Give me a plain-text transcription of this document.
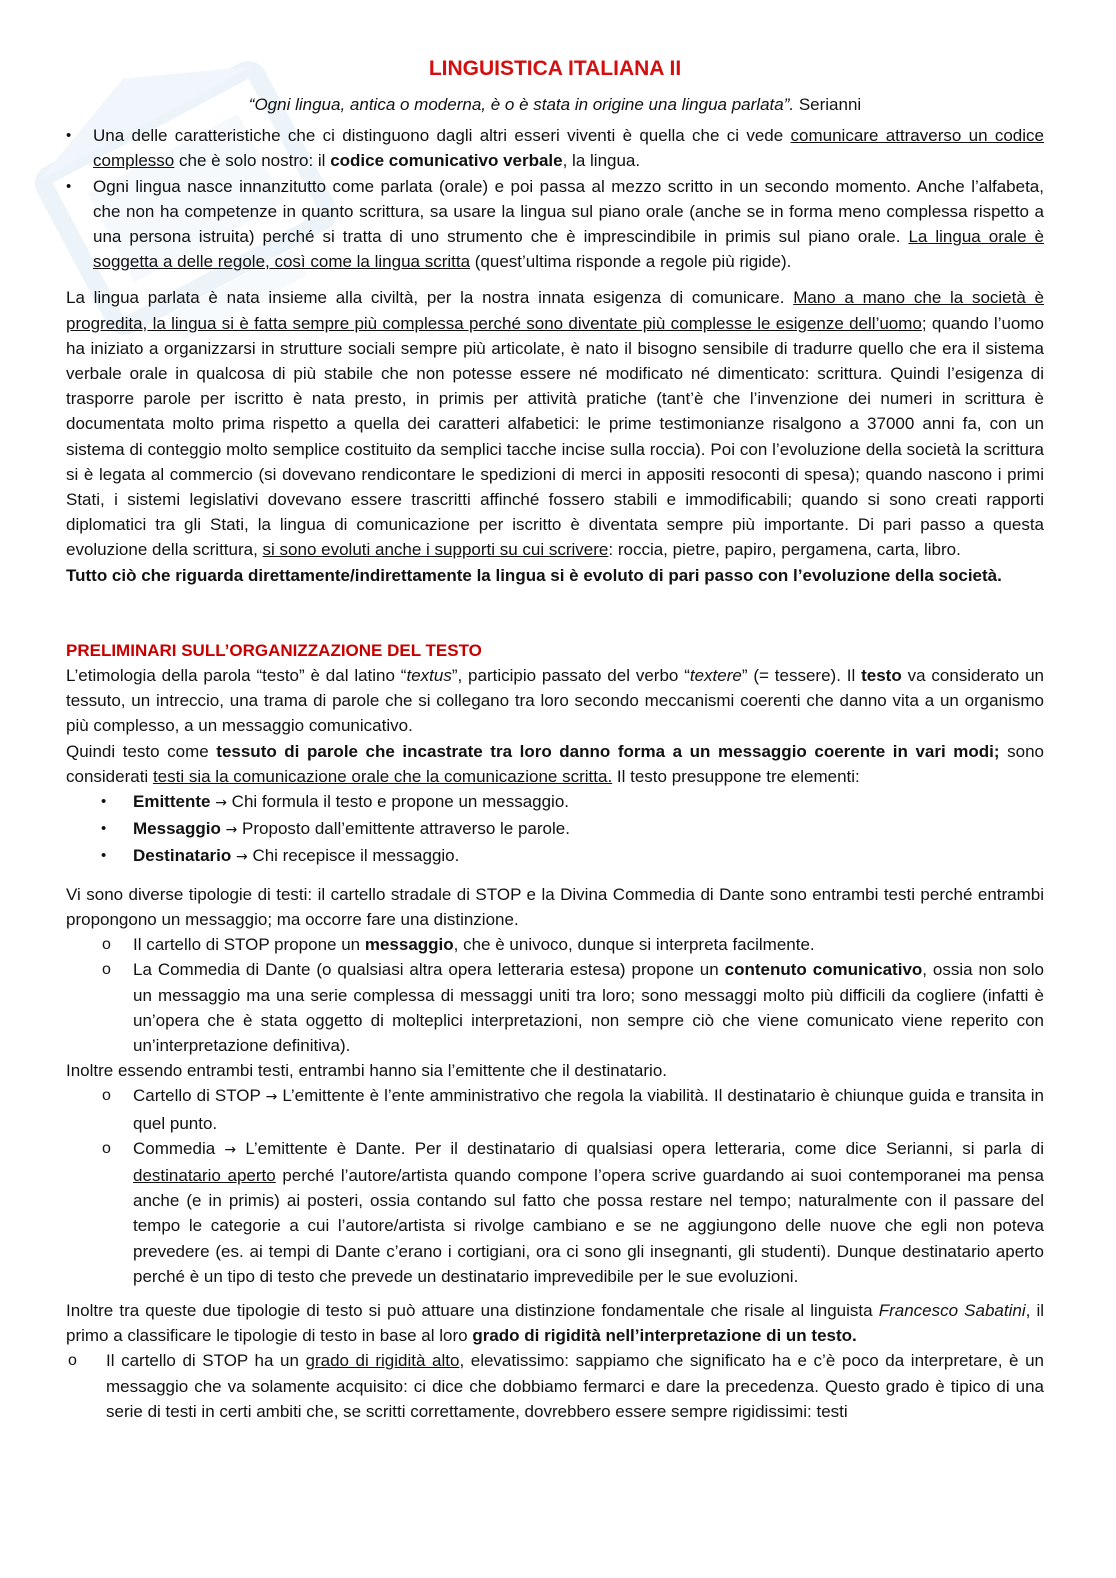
LINGUISTICA ITALIANA II
“Ogni lingua, antica o moderna, è o è stata in origine una lingua parlata”. Serianni
• Una delle caratteristiche che ci distinguono dagli altri esseri viventi è quella che ci vede comunicare attraverso un codice complesso che è solo nostro: il codice comunicativo verbale, la lingua.
• Ogni lingua nasce innanzitutto come parlata (orale) e poi passa al mezzo scritto in un secondo momento. Anche l’alfabeta, che non ha competenze in quanto scrittura, sa usare la lingua sul piano orale (anche se in forma meno complessa rispetto a una persona istruita) perché si tratta di uno strumento che è imprescindibile in primis sul piano orale. La lingua orale è soggetta a delle regole, così come la lingua scritta (quest’ultima risponde a regole più rigide).

La lingua parlata è nata insieme alla civiltà, per la nostra innata esigenza di comunicare. Mano a mano che la società è progredita, la lingua si è fatta sempre più complessa perché sono diventate più complesse le esigenze dell’uomo; quando l’uomo ha iniziato a organizzarsi in strutture sociali sempre più articolate, è nato il bisogno sensibile di tradurre quello che era il sistema verbale orale in qualcosa di più stabile che non potesse essere né modificato né dimenticato: scrittura. Quindi l’esigenza di trasporre parole per iscritto è nata presto, in primis per attività pratiche (tant’è che l’invenzione dei numeri in scrittura è documentata molto prima rispetto a quella dei caratteri alfabetici: le prime testimonianze risalgono a 37000 anni fa, con un sistema di conteggio molto semplice costituito da semplici tacche incise sulla roccia). Poi con l’evoluzione della società la scrittura si è legata al commercio (si dovevano rendicontare le spedizioni di merci in appositi resoconti di spesa); quando nascono i primi Stati, i sistemi legislativi dovevano essere trascritti affinché fossero stabili e immodificabili; quando si sono creati rapporti diplomatici tra gli Stati, la lingua di comunicazione per iscritto è diventata sempre più importante. Di pari passo a questa evoluzione della scrittura, si sono evoluti anche i supporti su cui scrivere: roccia, pietre, papiro, pergamena, carta, libro.

Tutto ciò che riguarda direttamente/indirettamente la lingua si è evoluto di pari passo con l’evoluzione della società.

PRELIMINARI SULL’ORGANIZZAZIONE DEL TESTO

L’etimologia della parola “testo” è dal latino “textus”, participio passato del verbo “textere” (= tessere). Il testo va considerato un tessuto, un intreccio, una trama di parole che si collegano tra loro secondo meccanismi coerenti che danno vita a un organismo più complesso, a un messaggio comunicativo.

Quindi testo come tessuto di parole che incastrate tra loro danno forma a un messaggio coerente in vari modi; sono considerati testi sia la comunicazione orale che la comunicazione scritta. Il testo presuppone tre elementi:

• Emittente → Chi formula il testo e propone un messaggio.
• Messaggio → Proposto dall’emittente attraverso le parole.
• Destinatario → Chi recepisce il messaggio.

Vi sono diverse tipologie di testi: il cartello stradale di STOP e la Divina Commedia di Dante sono entrambi testi perché entrambi propongono un messaggio; ma occorre fare una distinzione.

o Il cartello di STOP propone un messaggio, che è univoco, dunque si interpreta facilmente.
o La Commedia di Dante (o qualsiasi altra opera letteraria estesa) propone un contenuto comunicativo, ossia non solo un messaggio ma una serie complessa di messaggi uniti tra loro; sono messaggi molto più difficili da cogliere (infatti è un’opera che è stata oggetto di molteplici interpretazioni, non sempre ciò che viene comunicato viene reperito con un’interpretazione definitiva).

Inoltre essendo entrambi testi, entrambi hanno sia l’emittente che il destinatario.

o Cartello di STOP → L’emittente è l’ente amministrativo che regola la viabilità. Il destinatario è chiunque guida e transita in quel punto.
o Commedia → L’emittente è Dante. Per il destinatario di qualsiasi opera letteraria, come dice Serianni, si parla di destinatario aperto perché l’autore/artista quando compone l’opera scrive guardando ai suoi contemporanei ma pensa anche (e in primis) ai posteri, ossia contando sul fatto che possa restare nel tempo; naturalmente con il passare del tempo le categorie a cui l’autore/artista si rivolge cambiano e se ne aggiungono delle nuove che egli non poteva prevedere (es. ai tempi di Dante c’erano i cortigiani, ora ci sono gli insegnanti, gli studenti). Dunque destinatario aperto perché è un tipo di testo che prevede un destinatario imprevedibile per le sue evoluzioni.

Inoltre tra queste due tipologie di testo si può attuare una distinzione fondamentale che risale al linguista Francesco Sabatini, il primo a classificare le tipologie di testo in base al loro grado di rigidità nell’interpretazione di un testo.

o Il cartello di STOP ha un grado di rigidità alto, elevatissimo: sappiamo che significato ha e c’è poco da interpretare, è un messaggio che va solamente acquisito: ci dice che dobbiamo fermarci e dare la precedenza. Questo grado è tipico di una serie di testi in certi ambiti che, se scritti correttamente, dovrebbero essere sempre rigidissimi: testi
